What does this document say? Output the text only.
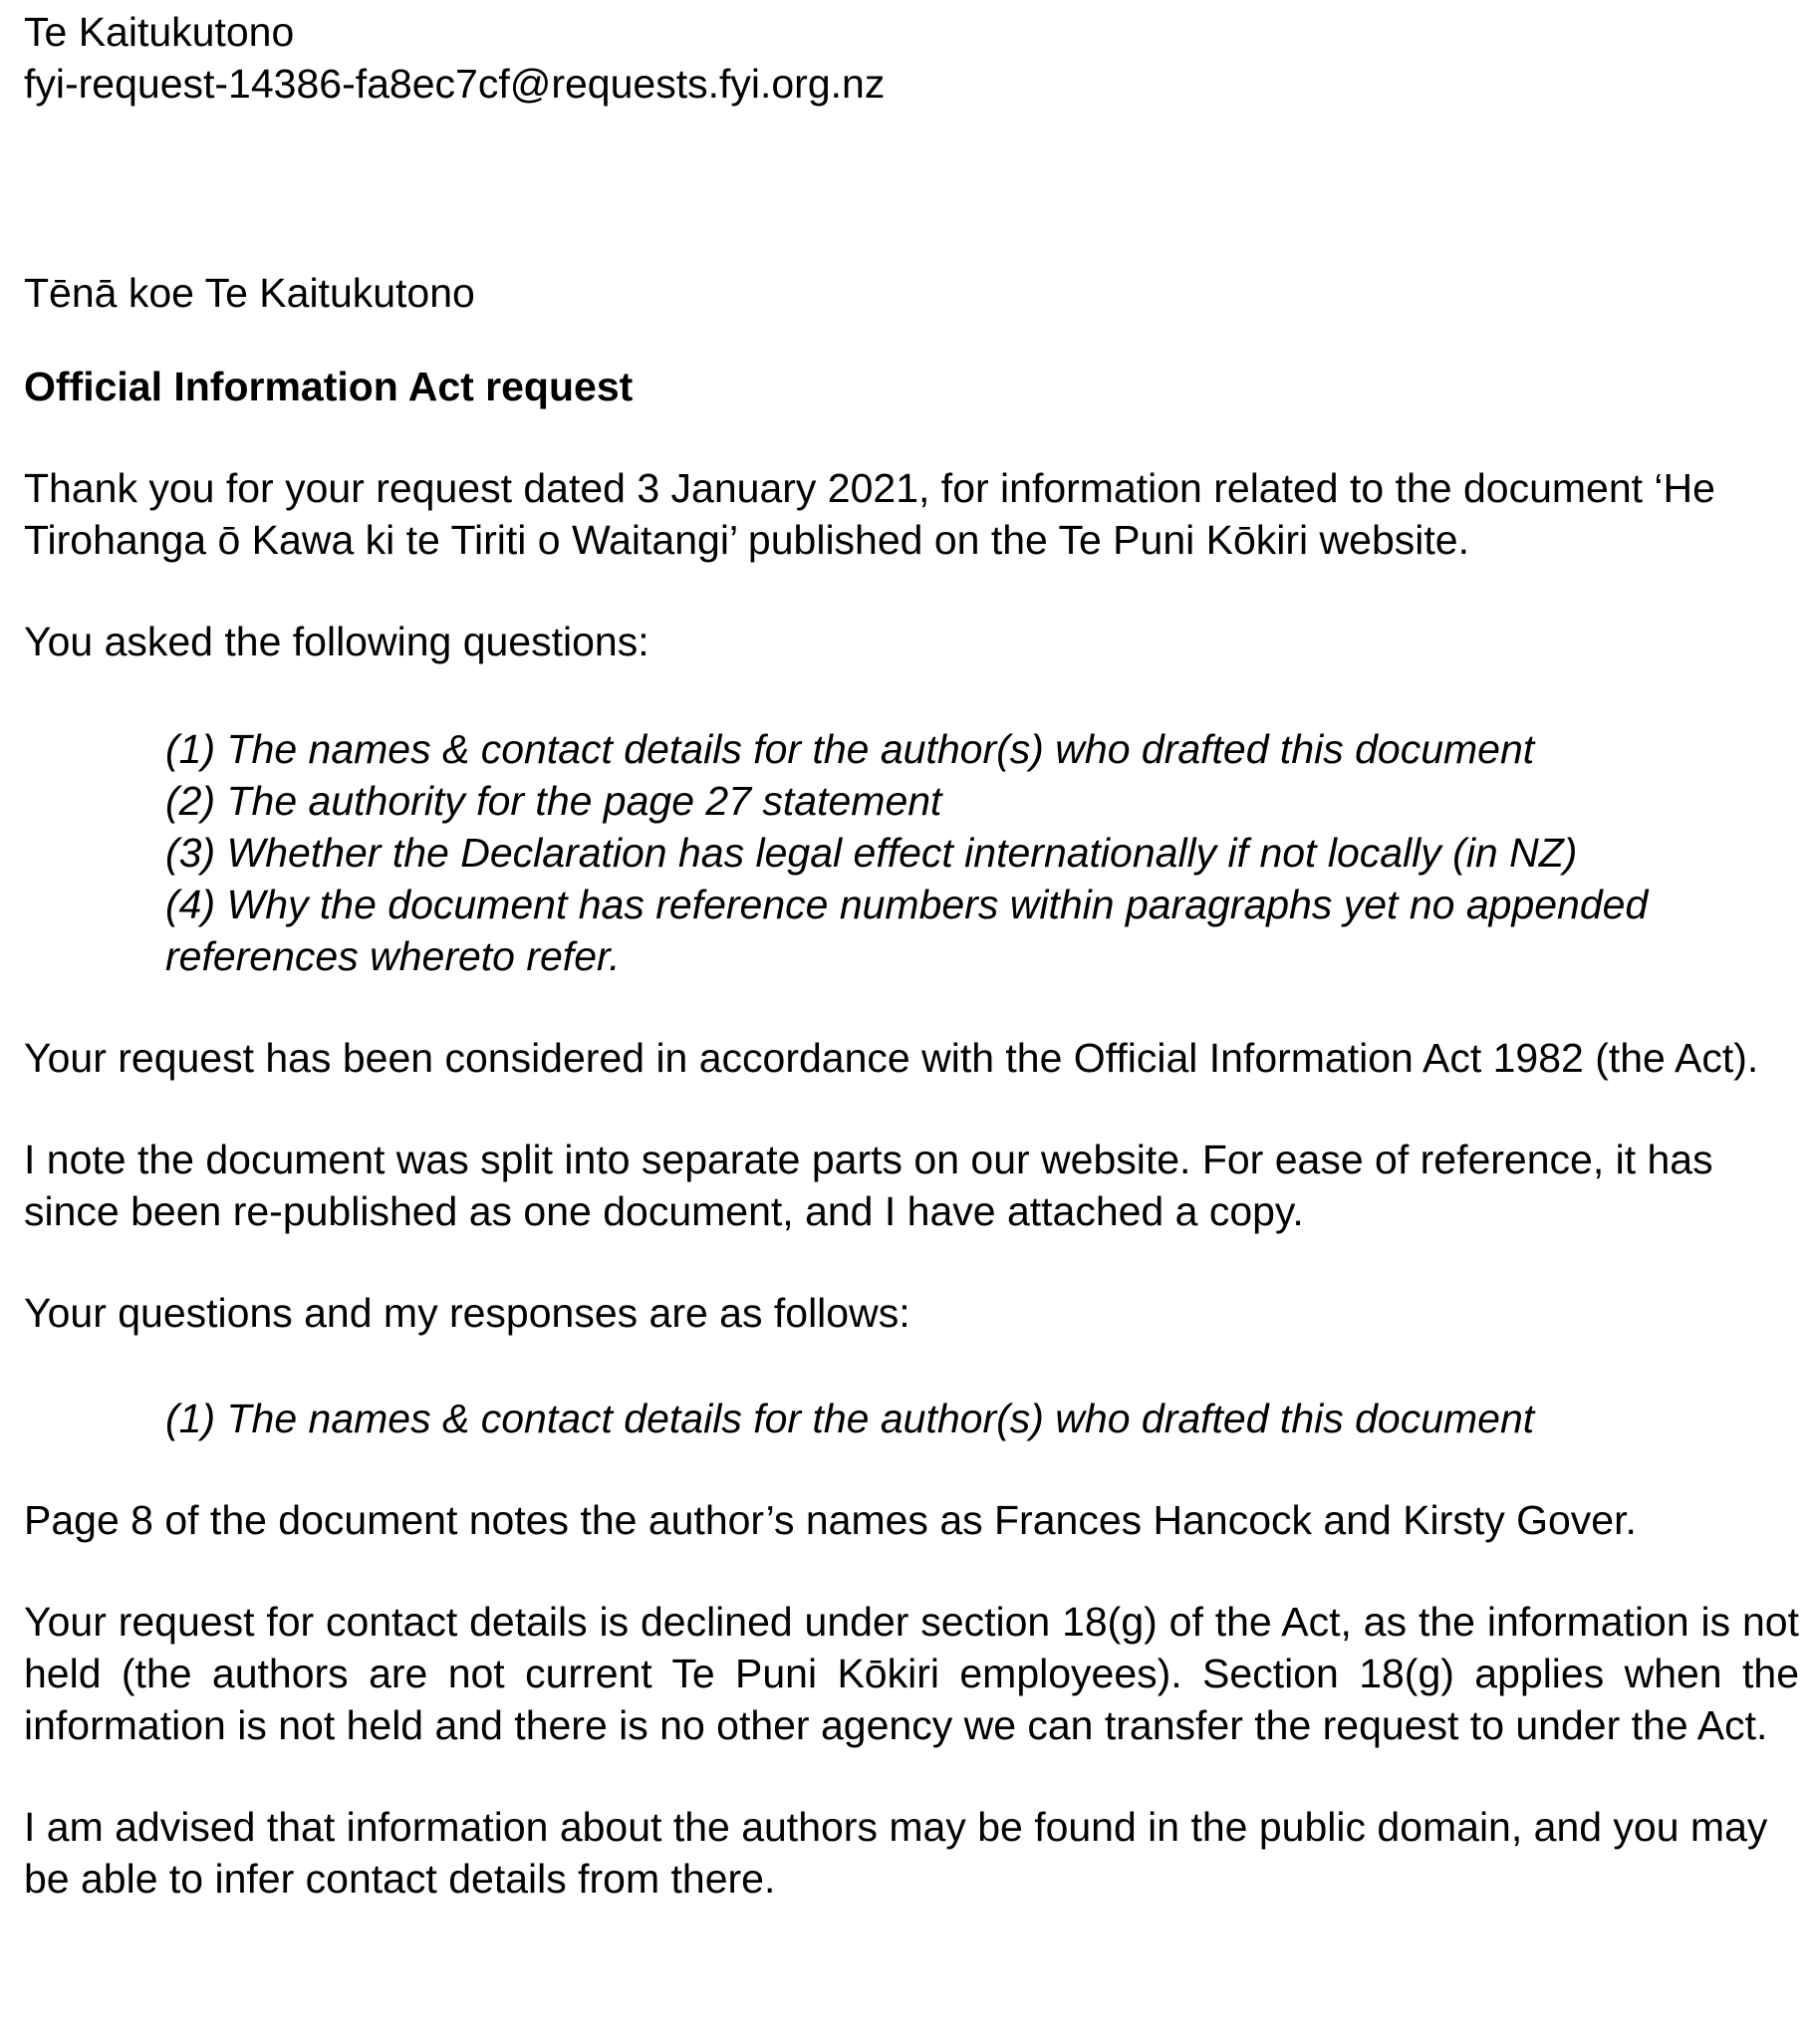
Te Kaitukutono
fyi-request-14386-fa8ec7cf@requests.fyi.org.nz

Tēnā koe Te Kaitukutono

Official Information Act request

Thank you for your request dated 3 January 2021, for information related to the document ‘He Tirohanga ō Kawa ki te Tiriti o Waitangi’ published on the Te Puni Kōkiri website.

You asked the following questions:

(1) The names & contact details for the author(s) who drafted this document
(2) The authority for the page 27 statement
(3) Whether the Declaration has legal effect internationally if not locally (in NZ)
(4) Why the document has reference numbers within paragraphs yet no appended references whereto refer.

Your request has been considered in accordance with the Official Information Act 1982 (the Act).

I note the document was split into separate parts on our website. For ease of reference, it has since been re-published as one document, and I have attached a copy.

Your questions and my responses are as follows:

(1) The names & contact details for the author(s) who drafted this document

Page 8 of the document notes the author’s names as Frances Hancock and Kirsty Gover.

Your request for contact details is declined under section 18(g) of the Act, as the information is not held (the authors are not current Te Puni Kōkiri employees). Section 18(g) applies when the information is not held and there is no other agency we can transfer the request to under the Act.

I am advised that information about the authors may be found in the public domain, and you may be able to infer contact details from there.
